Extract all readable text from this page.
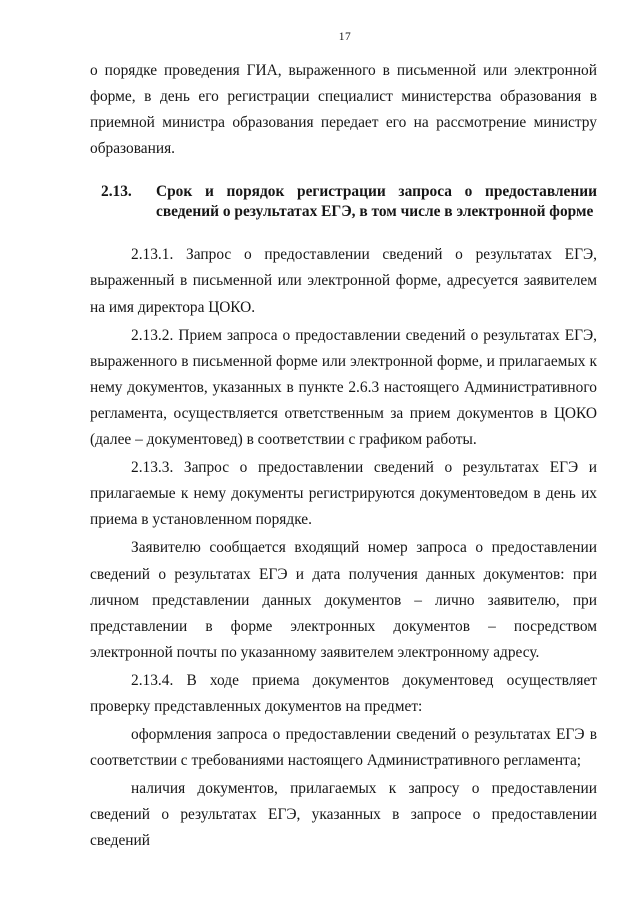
17

о порядке проведения ГИА, выраженного в письменной или электронной форме, в день его регистрации специалист министерства образования в приемной министра образования передает его на рассмотрение министру образования.

2.13.	Срок и порядок регистрации запроса о предоставлении сведений о результатах ЕГЭ, в том числе в электронной форме

2.13.1. Запрос о предоставлении сведений о результатах ЕГЭ, выраженный в письменной или электронной форме, адресуется заявителем на имя директора ЦОКО.

2.13.2. Прием запроса о предоставлении сведений о результатах ЕГЭ, выраженного в письменной форме или электронной форме, и прилагаемых к нему документов, указанных в пункте 2.6.3 настоящего Административного регламента, осуществляется ответственным за прием документов в ЦОКО (далее – документовед) в соответствии с графиком работы.

2.13.3. Запрос о предоставлении сведений о результатах ЕГЭ и прилагаемые к нему документы регистрируются документоведом в день их приема в установленном порядке.

Заявителю сообщается входящий номер запроса о предоставлении сведений о результатах ЕГЭ и дата получения данных документов: при личном представлении данных документов – лично заявителю, при представлении в форме электронных документов – посредством электронной почты по указанному заявителем электронному адресу.

2.13.4. В ходе приема документов документовед осуществляет проверку представленных документов на предмет:

оформления запроса о предоставлении сведений о результатах ЕГЭ в соответствии с требованиями настоящего Административного регламента;

наличия документов, прилагаемых к запросу о предоставлении сведений о результатах ЕГЭ, указанных в запросе о предоставлении сведений
